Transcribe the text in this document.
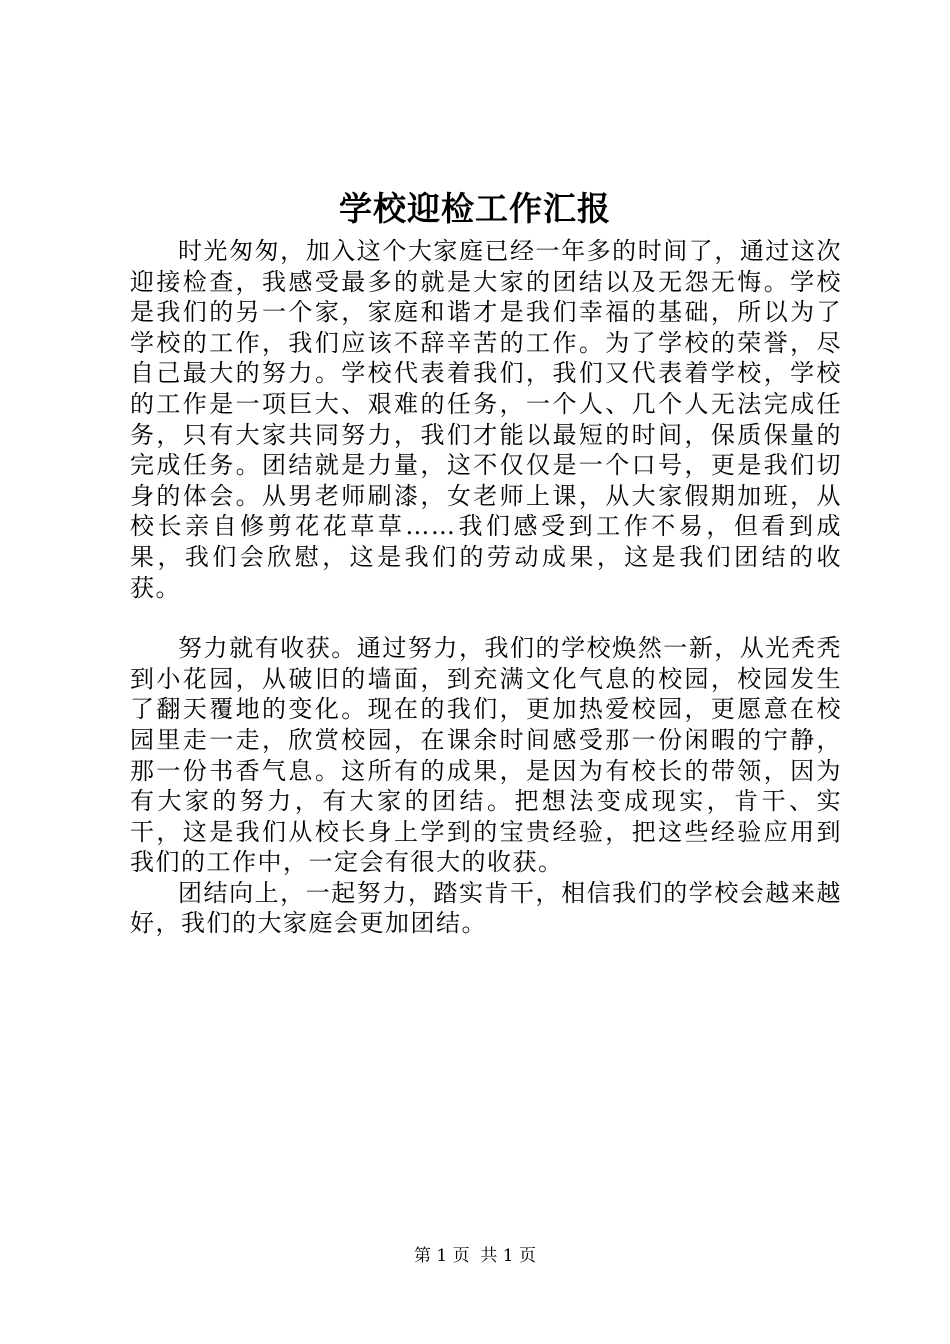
学校迎检工作汇报

时光匆匆，加入这个大家庭已经一年多的时间了，通过这次迎接检查，我感受最多的就是大家的团结以及无怨无悔。学校是我们的另一个家，家庭和谐才是我们幸福的基础，所以为了学校的工作，我们应该不辞辛苦的工作。为了学校的荣誉，尽自己最大的努力。学校代表着我们，我们又代表着学校，学校的工作是一项巨大、艰难的任务，一个人、几个人无法完成任务，只有大家共同努力，我们才能以最短的时间，保质保量的完成任务。团结就是力量，这不仅仅是一个口号，更是我们切身的体会。从男老师刷漆，女老师上课，从大家假期加班，从校长亲自修剪花花草草……我们感受到工作不易，但看到成果，我们会欣慰，这是我们的劳动成果，这是我们团结的收获。

努力就有收获。通过努力，我们的学校焕然一新，从光秃秃到小花园，从破旧的墙面，到充满文化气息的校园，校园发生了翻天覆地的变化。现在的我们，更加热爱校园，更愿意在校园里走一走，欣赏校园，在课余时间感受那一份闲暇的宁静，那一份书香气息。这所有的成果，是因为有校长的带领，因为有大家的努力，有大家的团结。把想法变成现实，肯干、实干，这是我们从校长身上学到的宝贵经验，把这些经验应用到我们的工作中，一定会有很大的收获。

团结向上，一起努力，踏实肯干，相信我们的学校会越来越好，我们的大家庭会更加团结。

第 1 页 共 1 页
